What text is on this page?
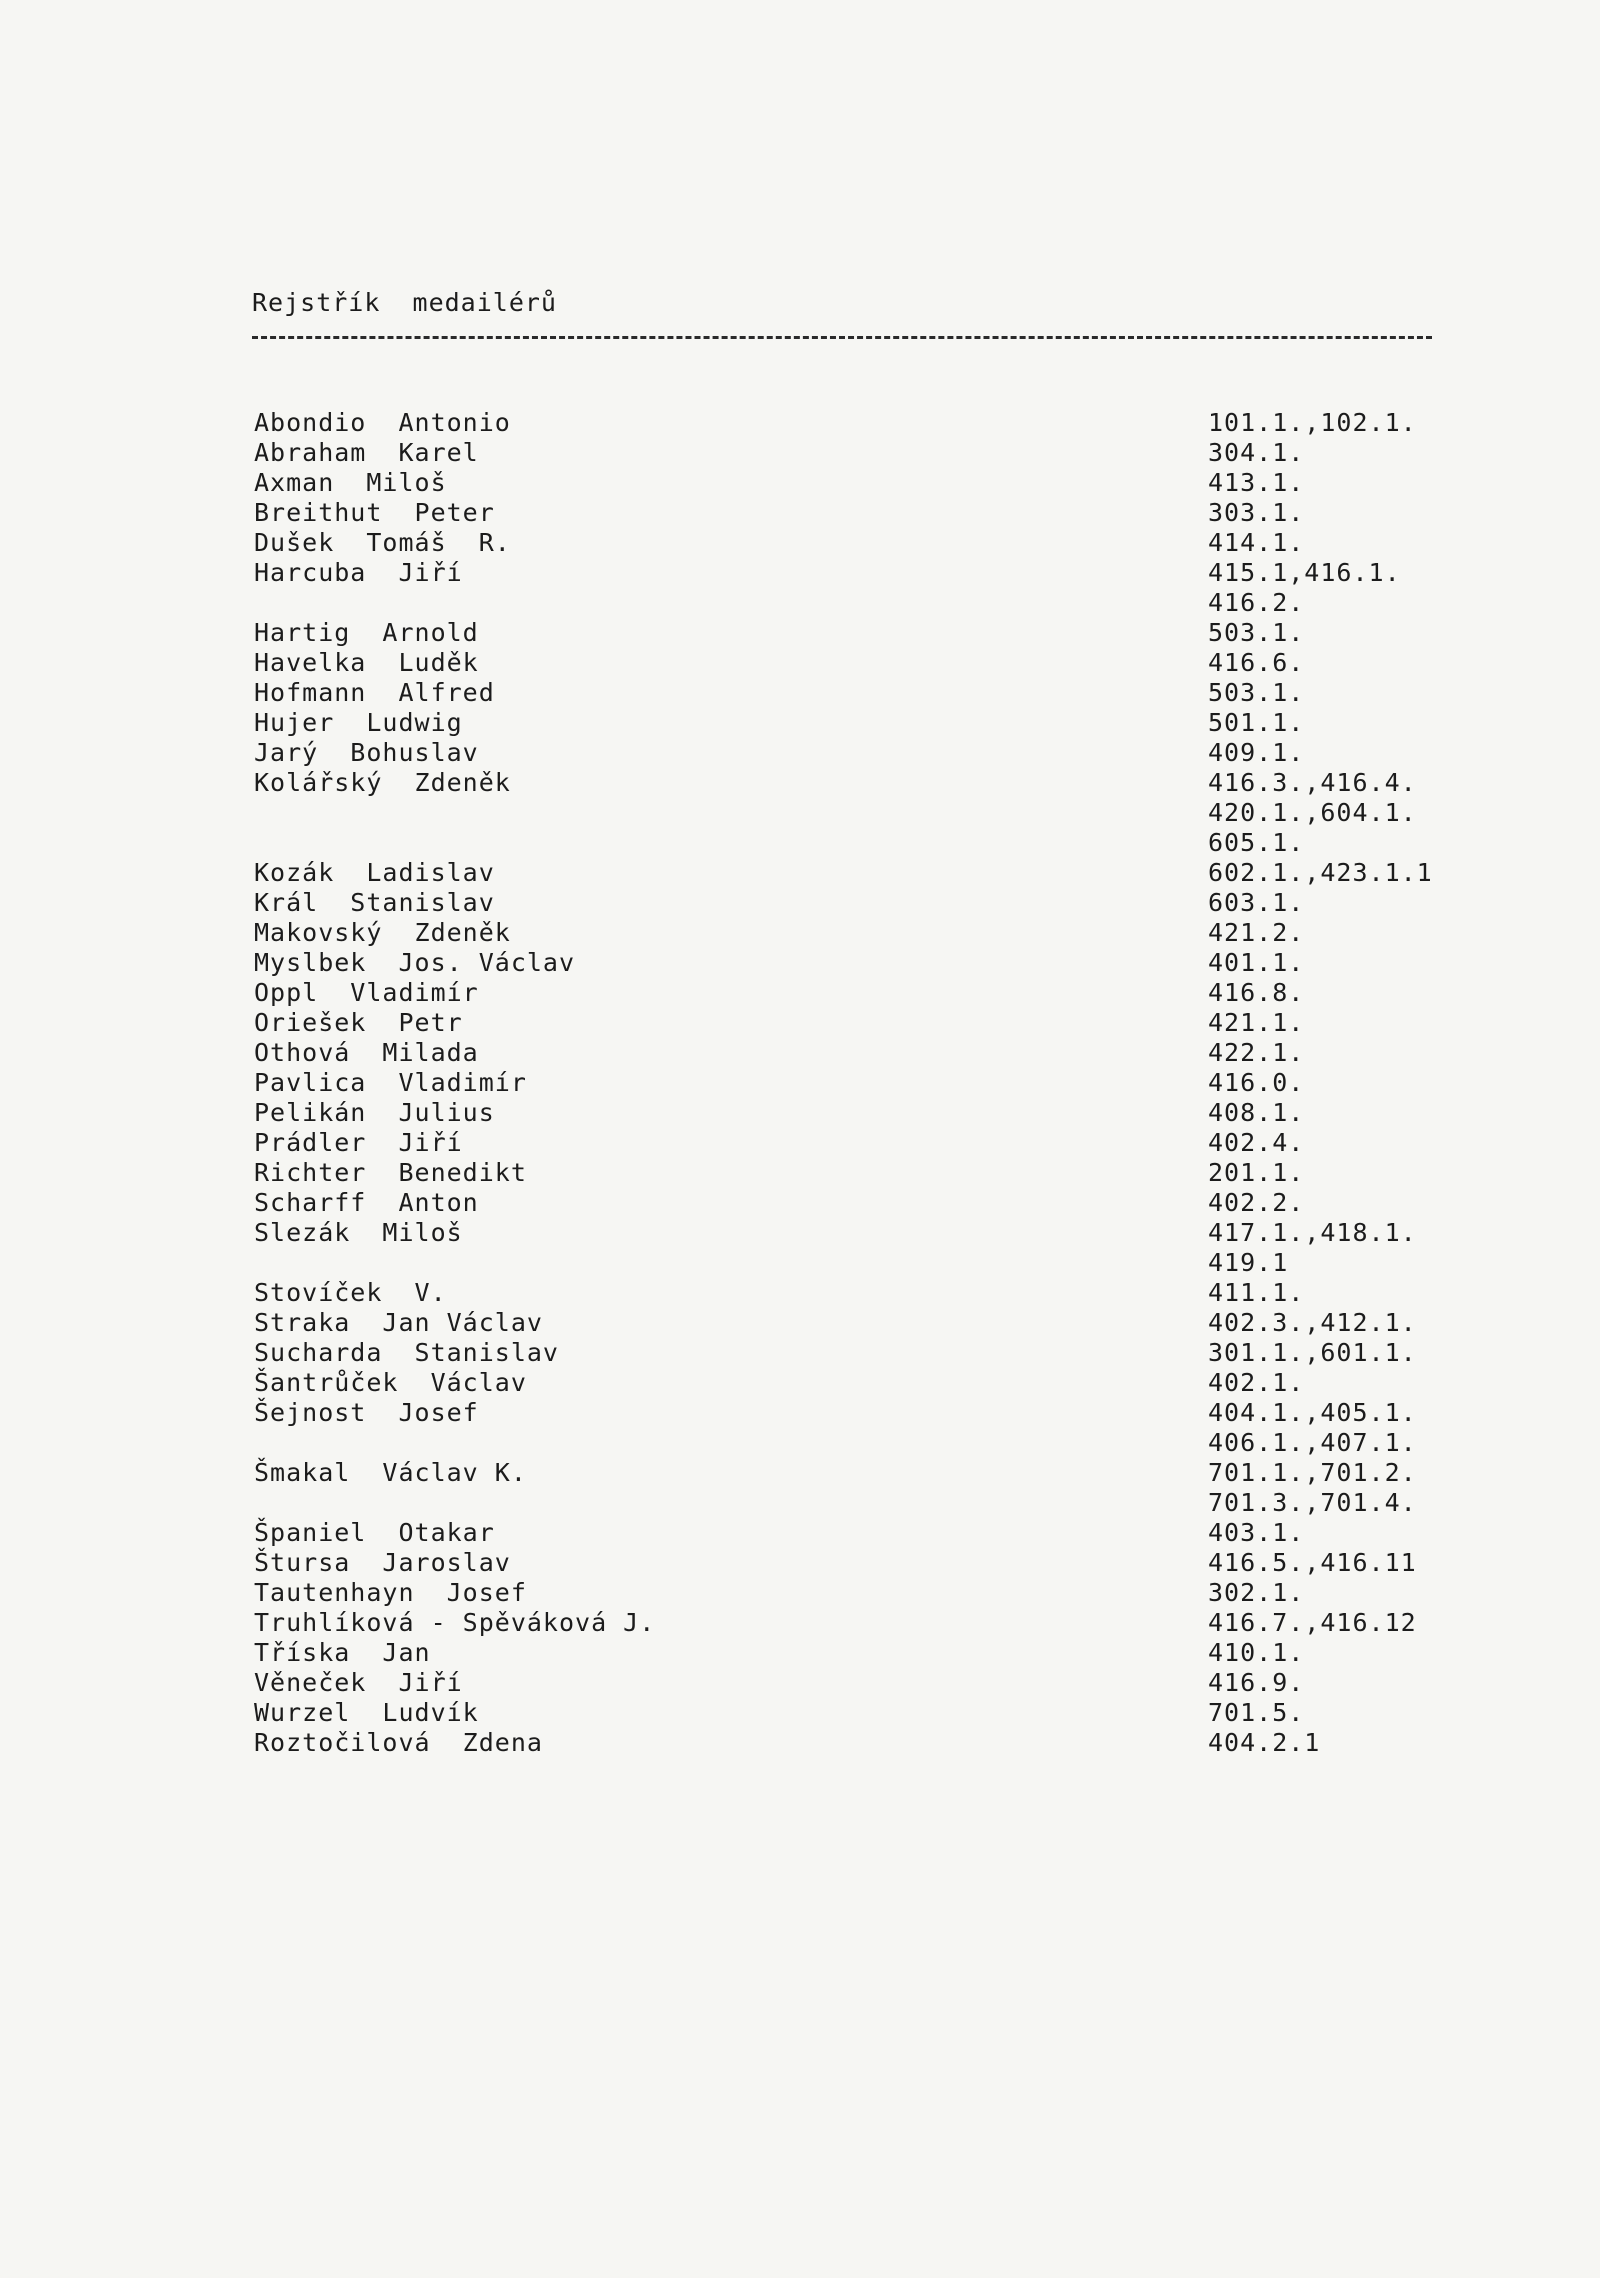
Rejstřík  medailérů
Abondio  Antonio	101.1.,102.1.
Abraham  Karel	304.1.
Axman  Miloš	413.1.
Breithut  Peter	303.1.
Dušek  Tomáš  R.	414.1.
Harcuba  Jiří	415.1,416.1.
416.2.
Hartig  Arnold	503.1.
Havelka  Luděk	416.6.
Hofmann  Alfred	503.1.
Hujer  Ludwig	501.1.
Jarý  Bohuslav	409.1.
Kolářský  Zdeněk	416.3.,416.4.
420.1.,604.1.
605.1.
Kozák  Ladislav	602.1.,423.1.1
Král  Stanislav	603.1.
Makovský  Zdeněk	421.2.
Myslbek  Jos. Václav	401.1.
Oppl  Vladimír	416.8.
Oriešek  Petr	421.1.
Othová  Milada	422.1.
Pavlica  Vladimír	416.0.
Pelikán  Julius	408.1.
Prádler  Jiří	402.4.
Richter  Benedikt	201.1.
Scharff  Anton	402.2.
Slezák  Miloš	417.1.,418.1.
419.1
Stovíček  V.	411.1.
Straka  Jan Václav	402.3.,412.1.
Sucharda  Stanislav	301.1.,601.1.
Šantrůček  Václav	402.1.
Šejnost  Josef	404.1.,405.1.
406.1.,407.1.
Šmakal  Václav K.	701.1.,701.2.
701.3.,701.4.
Španiel  Otakar	403.1.
Štursa  Jaroslav	416.5.,416.11
Tautenhayn  Josef	302.1.
Truhlíková - Spěváková J.	416.7.,416.12
Tříska  Jan	410.1.
Věneček  Jiří	416.9.
Wurzel  Ludvík	701.5.
Roztočilová  Zdena	404.2.1
